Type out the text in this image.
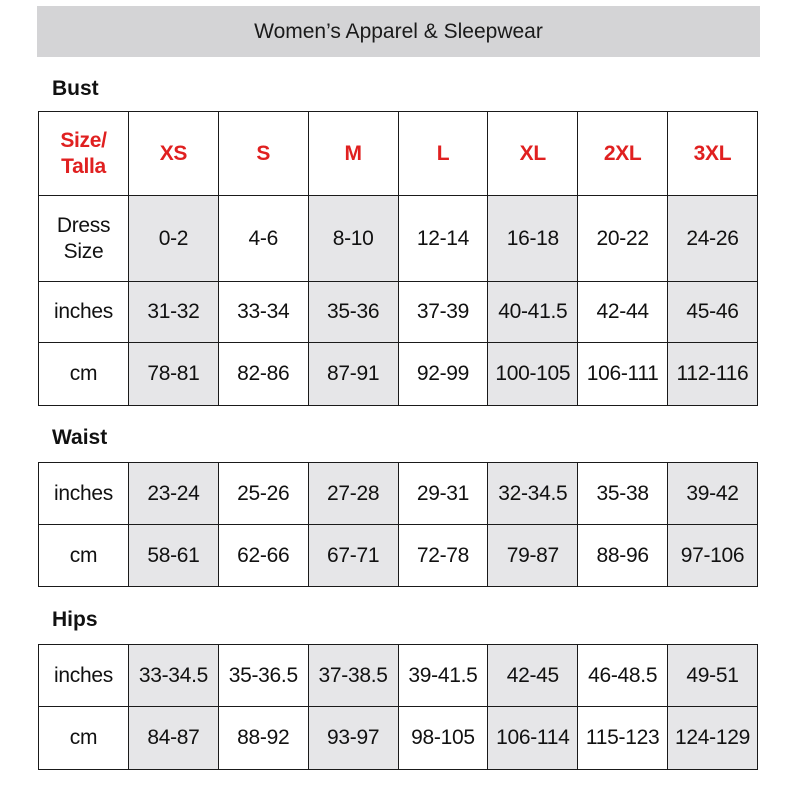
Women’s Apparel & Sleepwear
Bust
Size/
Talla	XS	S	M	L	XL	2XL	3XL
Dress
Size	0-2	4-6	8-10	12-14	16-18	20-22	24-26
inches	31-32	33-34	35-36	37-39	40-41.5	42-44	45-46
cm	78-81	82-86	87-91	92-99	100-105	106-111	112-116
Waist
inches	23-24	25-26	27-28	29-31	32-34.5	35-38	39-42
cm	58-61	62-66	67-71	72-78	79-87	88-96	97-106
Hips
inches	33-34.5	35-36.5	37-38.5	39-41.5	42-45	46-48.5	49-51
cm	84-87	88-92	93-97	98-105	106-114	115-123	124-129
